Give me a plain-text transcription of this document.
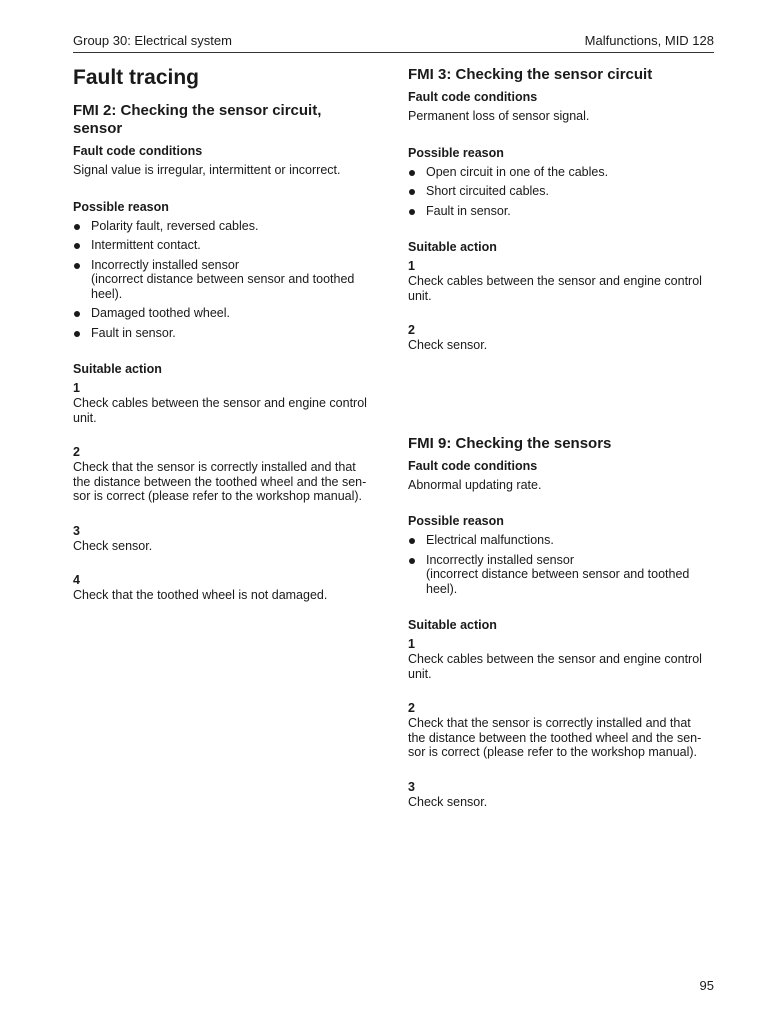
Group 30: Electrical system	Malfunctions, MID 128
Fault tracing
FMI 2: Checking the sensor circuit,
sensor
Fault code conditions

Signal value is irregular, intermittent or incorrect.

Possible reason
Polarity fault, reversed cables.
Intermittent contact.
Incorrectly installed sensor
(incorrect distance between sensor and toothed
heel).
Damaged toothed wheel.
Fault in sensor.
Suitable action

1

Check cables between the sensor and engine control
unit.

2

Check that the sensor is correctly installed and that
the distance between the toothed wheel and the sen-
sor is correct (please refer to the workshop manual).

3

Check sensor.

4

Check that the toothed wheel is not damaged.

FMI 3: Checking the sensor circuit
Fault code conditions

Permanent loss of sensor signal.

Possible reason
Open circuit in one of the cables.
Short circuited cables.
Fault in sensor.
Suitable action

1

Check cables between the sensor and engine control
unit.

2

Check sensor.

FMI 9: Checking the sensors
Fault code conditions

Abnormal updating rate.

Possible reason
Electrical malfunctions.
Incorrectly installed sensor
(incorrect distance between sensor and toothed
heel).
Suitable action

1

Check cables between the sensor and engine control
unit.

2

Check that the sensor is correctly installed and that
the distance between the toothed wheel and the sen-
sor is correct (please refer to the workshop manual).

3

Check sensor.

95
